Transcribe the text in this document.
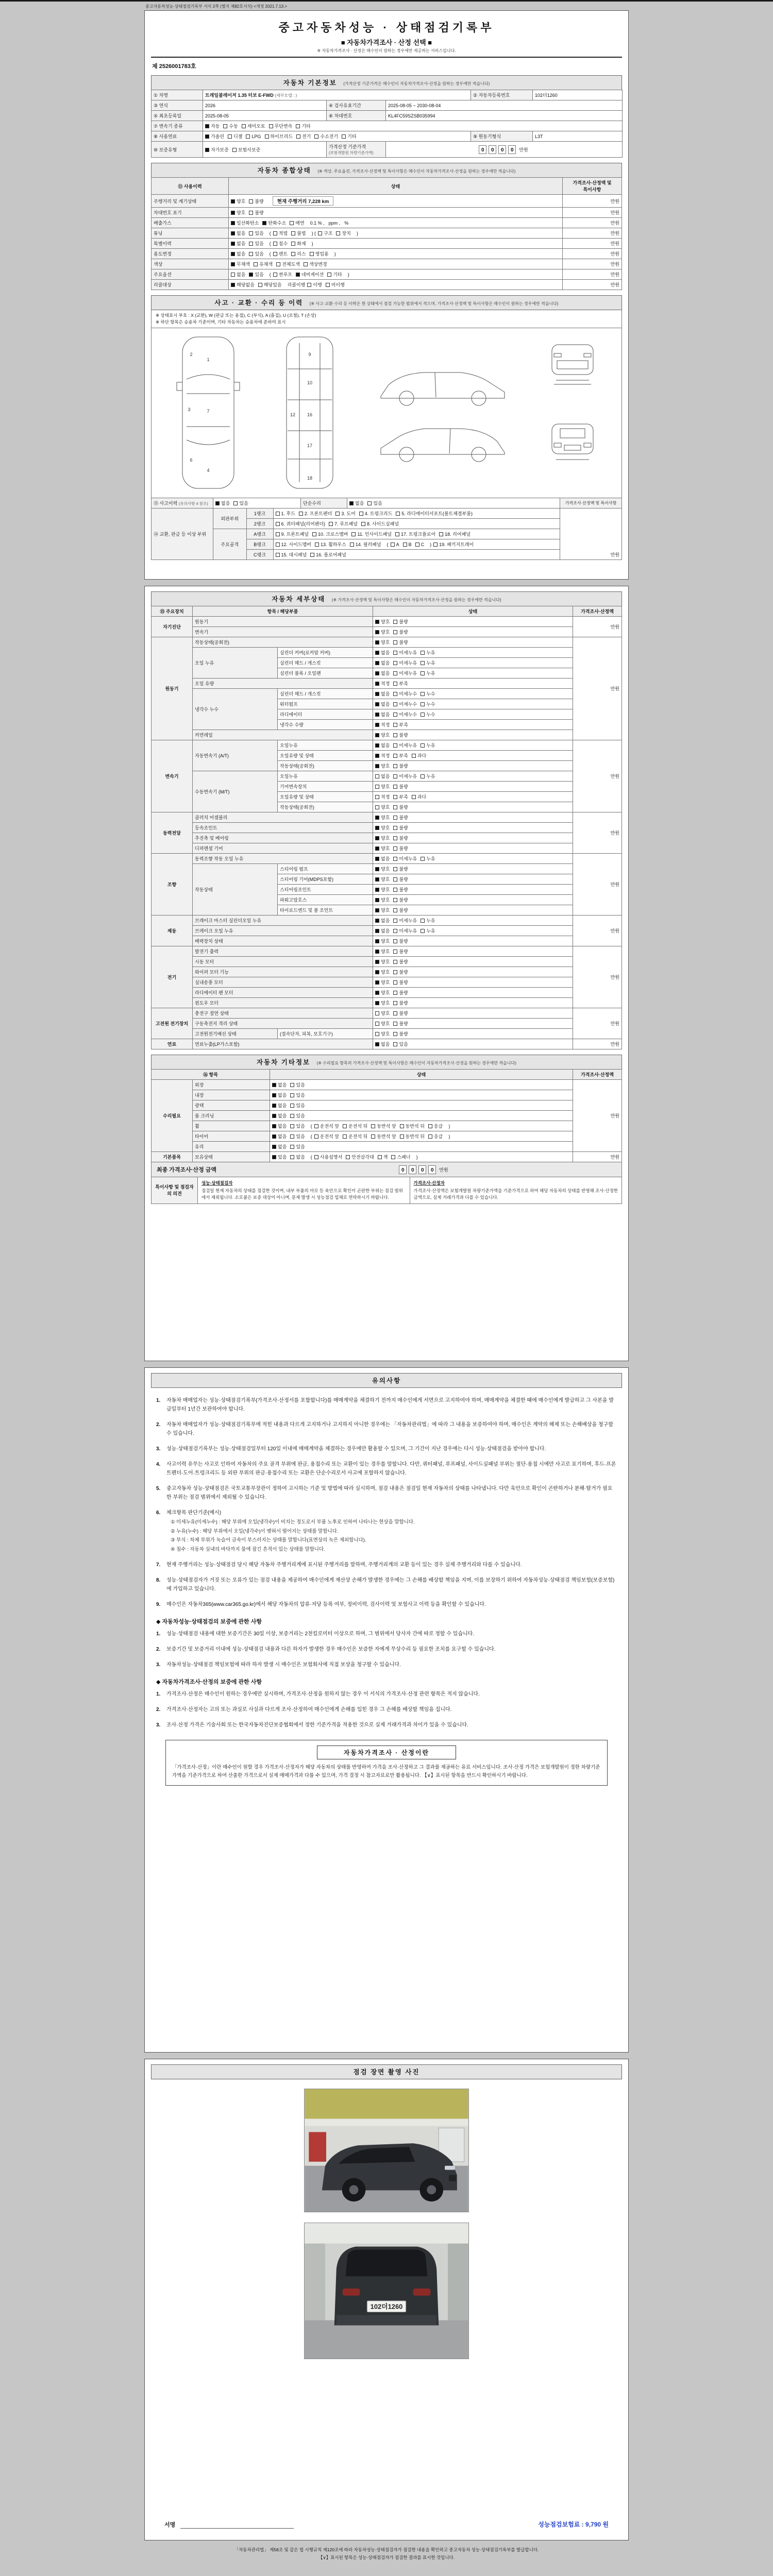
중고자동차성능·상태점검기록부 서식 2쪽 (별지 제82호서식) <개정 2021.7.13.>
중고자동차성능 · 상태점검기록부
■ 자동차가격조사 · 산정 선택 ■
※ 자동차가격조사 · 산정은 매수인이 원하는 경우에만 제공하는 서비스입니다.
제 2526001783호
자동차 기본정보 (가격산정 기준가격은 매수인이 자동차가격조사·산정을 원하는 경우에만 적습니다)
① 차명	트레일블레이저 1.35 터보 E-FWD (세부모델 : )			② 자동차등록번호	102더1260
③ 연식	2026	④ 검사유효기간	2025-08-05 ~ 2030-08-04		
⑤ 최초등록일	2025-08-05	⑥ 차대번호	KL4FC59SZSB035994		
⑦ 변속기 종류	자동 수동 세미오토 무단변속 기타				
⑧ 사용연료	가솔린 디젤 LPG 하이브리드 전기 수소전기 기타			⑨ 원동기형식	L3T
⑩ 보증유형	자가보증 보험사보증	가격산정 기준가격
(보험개발원 차량기준가액)	0 0 0 0 만원		
자동차 종합상태 (※ 색상, 주요옵션, 가격조사·산정액 및 특이사항은 매수인이 자동차가격조사·산정을 원하는 경우에만 적습니다)
⑪ 사용이력	상태	가격조사·산정액 및 특이사항
주행거리 및 계기상태	양호 불량 현재 주행거리 7,228 km	만원
차대번호 표기	양호 불량	만원
배출가스	일산화탄소 탄화수소 매연 0.1 % , ppm , %	만원
튜닝	없음 있음 ( 적법 불법 ) ( 구조 장치 )	만원
특별이력	없음 있음 ( 침수 화재 )	만원
용도변경	없음 있음 ( 렌트 리스 영업용 )	만원
색상	무채색 유채색 전체도색 색상변경	만원
주요옵션	없음 있음 ( 썬루프 네비게이션 기타 )	만원
리콜대상	해당없음 해당있음 리콜이행 이행 미이행	만원
사고 · 교환 · 수리 등 이력 (※ 사고·교환·수리 등 이력은 현 상태에서 점검 가능한 범위에서 적으며, 가격조사·산정액 및 특이사항은 매수인이 원하는 경우에만 적습니다)
※ 상태표시 부호 : X (교환), W (판금 또는 용접), C (부식), A (흠집), U (요철), T (손상)
※ 하단 항목은 승용차 기준이며, 기타 자동차는 승용차에 준하여 표시
1
2
3	7
6
4
9
10
16
17
18
12
⑬ 사고이력 (유의사항 4 참조)	없음 있음	단순수리	없음 있음	가격조사·산정액 및 특이사항
⑭ 교환, 판금 등 이상 부위	
외판부위	1랭크	1. 후드 2. 프론트펜더 3. 도어 4. 트렁크리드 5. 라디에이터서포트(볼트체결부품)
2랭크	6. 쿼터패널(리어펜더) 7. 루프패널 8. 사이드실패널
주요골격	A랭크	9. 프론트패널 10. 크로스멤버 11. 인사이드패널 17. 트렁크플로어 18. 리어패널
B랭크	12. 사이드멤버 13. 휠하우스 14. 필러패널 ( A B C ) 19. 패키지트레이
C랭크	15. 대시패널 16. 플로어패널
		만원
자동차 세부상태 (※ 가격조사·산정액 및 특이사항은 매수인이 자동차가격조사·산정을 원하는 경우에만 적습니다)
⑮ 주요장치	항목 / 해당부품		상태	가격조사·산정액
자기진단	원동기		양호 불량	만원
	변속기		양호 불량	
원동기	작동상태(공회전)		양호 불량	만원
	오일 누유	실린더 커버(로커암 커버)	없음 미세누유 누유	
		실린더 헤드 / 개스킷	없음 미세누유 누유	
		실린더 블록 / 오일팬	없음 미세누유 누유	
	오일 유량		적정 부족	
	냉각수 누수	실린더 헤드 / 개스킷	없음 미세누수 누수	
		워터펌프	없음 미세누수 누수	
		라디에이터	없음 미세누수 누수	
		냉각수 수량	적정 부족	
	커먼레일		양호 불량	
변속기	자동변속기 (A/T)	오일누유	없음 미세누유 누유	만원
		오일유량 및 상태	적정 부족 과다	
		작동상태(공회전)	양호 불량	
	수동변속기 (M/T)	오일누유	없음 미세누유 누유	
		기어변속장치	양호 불량	
		오일유량 및 상태	적정 부족 과다	
		작동상태(공회전)	양호 불량	
동력전달	클러치 어셈블리		양호 불량	만원
	등속조인트		양호 불량	
	추진축 및 베어링		양호 불량	
	디퍼렌셜 기어		양호 불량	
조향	동력조향 작동 오일 누유		없음 미세누유 누유	만원
	작동상태	스티어링 펌프	양호 불량	
		스티어링 기어(MDPS포함)	양호 불량	
		스티어링조인트	양호 불량	
		파워고압호스	양호 불량	
		타이로드엔드 및 볼 조인트	양호 불량	
제동	브레이크 마스터 실린더오일 누유		없음 미세누유 누유	만원
	브레이크 오일 누유		없음 미세누유 누유	
	배력장치 상태		양호 불량	
전기	발전기 출력		양호 불량	만원
	시동 모터		양호 불량	
	와이퍼 모터 기능		양호 불량	
	실내송풍 모터		양호 불량	
	라디에이터 팬 모터		양호 불량	
	윈도우 모터		양호 불량	
고전원 전기장치	충전구 절연 상태		양호 불량	만원
	구동축전지 격리 상태		양호 불량	
	고전원전기배선 상태	(접속단자, 피복, 보호기구)	양호 불량	
연료	연료누출(LP가스포함)		없음 있음	만원
자동차 기타정보 (※ 수리필요 항목의 가격조사·산정액 및 특이사항은 매수인이 자동차가격조사·산정을 원하는 경우에만 적습니다)
⑯ 항목		상태	가격조사·산정액
수리필요	외장	없음 있음	만원
	내장	없음 있음	
	광택	없음 있음	
	룸 크리닝	없음 있음	
	휠	없음 있음 ( 운전석 앞 운전석 뒤 동반석 앞 동반석 뒤 응급 )	
	타이어	없음 있음 ( 운전석 앞 운전석 뒤 동반석 앞 동반석 뒤 응급 )	
	유리	없음 있음	
기본품목	보유상태	있음 없음 ( 사용설명서 안전삼각대 잭 스패너 )	만원
최종 가격조사·산정 금액	0 0 0 0 만원
특이사항 및 점검자의 의견
성능·상태점검자
점검일 현재 자동차의 상태를 점검한 것이며, 내부 부품의 마모 등 육안으로 확인이 곤란한 부위는 점검 범위에서 제외됩니다. 소모품은 보증 대상이 아니며, 문제 발생 시 성능점검 업체로 연락하시기 바랍니다.
가격조사·산정자
가격조사·산정액은 보험개발원 차량기준가액을 기준가격으로 하여 해당 자동차의 상태를 반영해 조사·산정한 금액으로, 실제 거래가격과 다를 수 있습니다.
유의사항
1.	자동차 매매업자는 성능·상태점검기록부(가격조사·산정서를 포함합니다)를 매매계약을 체결하기 전까지 매수인에게 서면으로 고지하여야 하며, 매매계약을 체결한 때에 매수인에게 발급하고 그 사본을 발급일부터 1년간 보관하여야 합니다.
2.	자동차 매매업자가 성능·상태점검기록부에 적힌 내용과 다르게 고지하거나 고지하지 아니한 경우에는 「자동차관리법」에 따라 그 내용을 보증하여야 하며, 매수인은 계약의 해제 또는 손해배상을 청구할 수 있습니다.
3.	성능·상태점검기록부는 성능·상태점검일부터 120일 이내에 매매계약을 체결하는 경우에만 활용할 수 있으며, 그 기간이 지난 경우에는 다시 성능·상태점검을 받아야 합니다.
4.	사고이력 유무는 사고로 인하여 자동차의 주요 골격 부위에 판금, 용접수리 또는 교환이 있는 경우를 말합니다. 다만, 쿼터패널, 루프패널, 사이드실패널 부위는 절단·용접 시에만 사고로 표기하며, 후드·프론트펜더·도어·트렁크리드 등 외판 부위의 판금·용접수리 또는 교환은 단순수리로서 사고에 포함하지 않습니다.
5.	중고자동차 성능·상태점검은 국토교통부장관이 정하여 고시하는 기준 및 방법에 따라 실시하며, 점검 내용은 점검일 현재 자동차의 상태를 나타냅니다. 다만 육안으로 확인이 곤란하거나 분해·탈거가 필요한 부위는 점검 범위에서 제외될 수 있습니다.
6.	체크항목 판단기준(예시)
① 미세누유(미세누수) : 해당 부위에 오일(냉각수)이 비치는 정도로서 부품 노후로 인하여 나타나는 현상을 말합니다.
② 누유(누수) : 해당 부위에서 오일(냉각수)이 맺혀서 떨어지는 상태를 말합니다.
③ 부식 : 차체 부위가 녹슬어 금속이 부스러지는 상태를 말합니다(표면상의 녹은 제외합니다).
④ 침수 : 자동차 실내의 바닥까지 물에 잠긴 흔적이 있는 상태를 말합니다.
7.	현재 주행거리는 성능·상태점검 당시 해당 자동차 주행거리계에 표시된 주행거리를 말하며, 주행거리계의 교환 등이 있는 경우 실제 주행거리와 다를 수 있습니다.
8.	성능·상태점검자가 거짓 또는 오류가 있는 점검 내용을 제공하여 매수인에게 재산상 손해가 발생한 경우에는 그 손해를 배상할 책임을 지며, 이를 보장하기 위하여 자동차성능·상태점검 책임보험(보증보험)에 가입하고 있습니다.
9.	매수인은 자동차365(www.car365.go.kr)에서 해당 자동차의 압류·저당 등록 여부, 정비이력, 검사이력 및 보험사고 이력 등을 확인할 수 있습니다.
◆ 자동차성능·상태점검의 보증에 관한 사항
1.	성능·상태점검 내용에 대한 보증기간은 30일 이상, 보증거리는 2천킬로미터 이상으로 하며, 그 범위에서 당사자 간에 따로 정할 수 있습니다.
2.	보증기간 및 보증거리 이내에 성능·상태점검 내용과 다른 하자가 발생한 경우 매수인은 보증한 자에게 무상수리 등 필요한 조치를 요구할 수 있습니다.
3.	자동차성능·상태점검 책임보험에 따라 하자 발생 시 매수인은 보험회사에 직접 보상을 청구할 수 있습니다.
◆ 자동차가격조사·산정의 보증에 관한 사항
1.	가격조사·산정은 매수인이 원하는 경우에만 실시하며, 가격조사·산정을 원하지 않는 경우 이 서식의 가격조사·산정 관련 항목은 적지 않습니다.
2.	가격조사·산정자는 고의 또는 과실로 사실과 다르게 조사·산정하여 매수인에게 손해를 입힌 경우 그 손해를 배상할 책임을 집니다.
3.	조사·산정 가격은 기술사회 또는 한국자동차진단보증협회에서 정한 기준가격을 적용한 것으로 실제 거래가격과 차이가 있을 수 있습니다.
자동차가격조사 · 산정이란
「가격조사·산정」이란 매수인이 원할 경우 가격조사·산정자가 해당 자동차의 상태를 반영하여 가격을 조사·산정하고 그 결과를 제공하는 유료 서비스입니다. 조사·산정 가격은 보험개발원이 정한 차량기준가액을 기준가격으로 하여 산출한 가격으로서 실제 매매가격과 다를 수 있으며, 가격 결정 시 참고자료로만 활용됩니다. 【∨】표시된 항목을 반드시 확인하시기 바랍니다.
점검 장면 촬영 사진
102더1260
서명	성능점검보험료 : 9,790 원
「자동차관리법」 제58조 및 같은 법 시행규칙 제120조에 따라 자동차성능·상태점검자가 점검한 내용을 확인하고 중고자동차 성능·상태점검기록부를 발급합니다.
【∨】표시된 항목은 성능·상태점검자가 점검한 결과를 표시한 것입니다.
